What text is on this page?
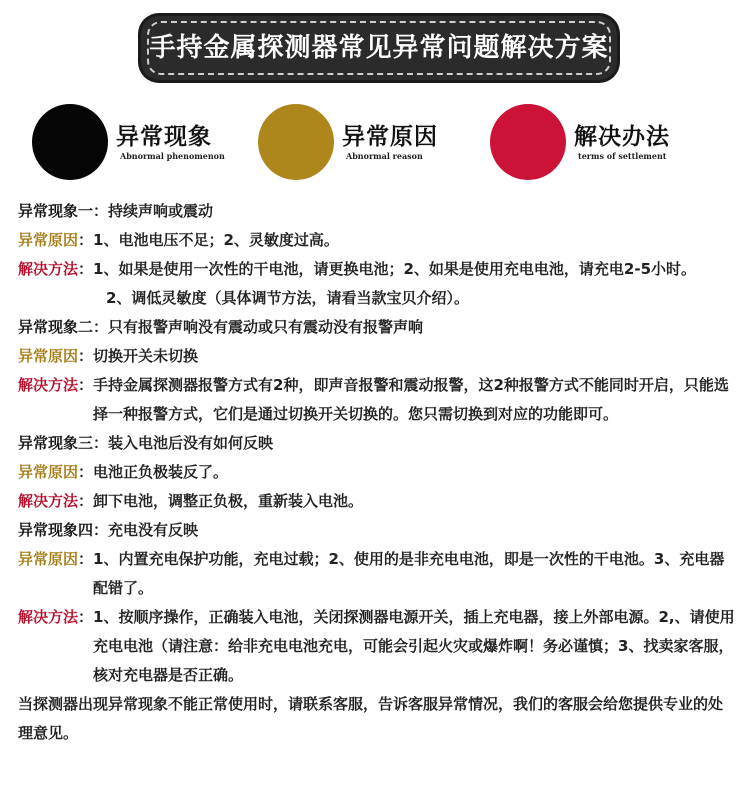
手持金属探测器常见异常问题解决方案
异常现象
Abnormal phenomenon
异常原因
Abnormal reason
解决办法
terms of settlement
异常现象一 ： 持续声响或震动
异常原因 ： 1、电池电压不足；2、灵敏度过高。
解决方法 ： 1、如果是使用一次性的干电池，请更换电池；2、如果是使用充电电池，请充电2-5小时。
2、调低灵敏度（具体调节方法，请看当款宝贝介绍）。
异常现象二 ： 只有报警声响没有震动或只有震动没有报警声响
异常原因 ： 切换开关未切换
解决方法 ： 手持金属探测器报警方式有2种，即声音报警和震动报警，这2种报警方式不能同时开启，只能选择一种报警方式，它们是通过切换开关切换的。您只需切换到对应的功能即可。
异常现象三 ： 装入电池后没有如何反映
异常原因 ： 电池正负极装反了。
解决方法 ： 卸下电池，调整正负极，重新装入电池。
异常现象四 ： 充电没有反映
异常原因 ： 1、内置充电保护功能，充电过载；2、使用的是非充电电池，即是一次性的干电池。3、充电器配错了。
解决方法 ： 1、按顺序操作，正确装入电池，关闭探测器电源开关，插上充电器，接上外部电源。2,、请使用充电电池（请注意：给非充电电池充电，可能会引起火灾或爆炸啊！务必谨慎；3、找卖家客服，核对充电器是否正确。
当探测器出现异常现象不能正常使用时，请联系客服，告诉客服异常情况，我们的客服会给您提供专业的处理意见。
